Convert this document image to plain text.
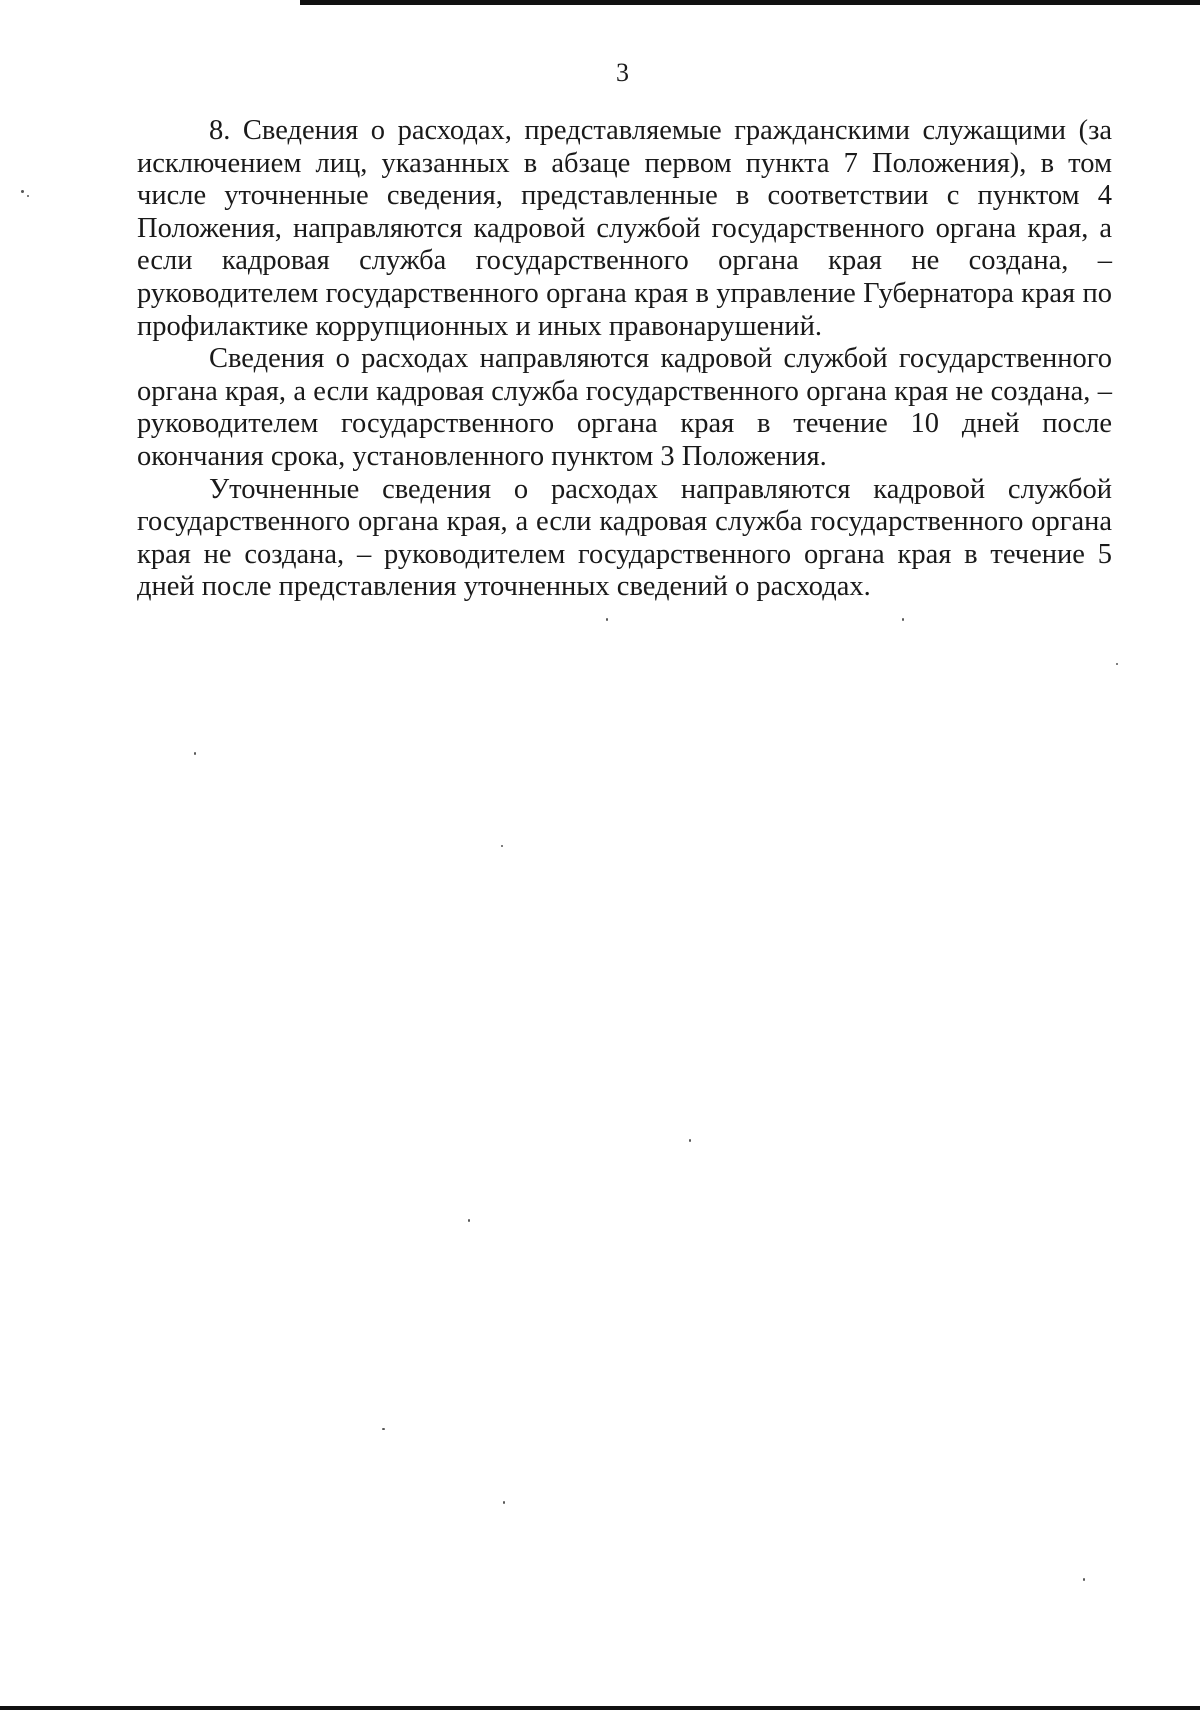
3

8. Сведения о расходах, представляемые гражданскими служащими (за исключением лиц, указанных в абзаце первом пункта 7 Положения), в том числе уточненные сведения, представленные в соответствии с пунктом 4 Положения, направляются кадровой службой государственного органа края, а если кадровая служба государственного органа края не создана, – руководителем государственного органа края в управление Губернатора края по профилактике коррупционных и иных правонарушений.

Сведения о расходах направляются кадровой службой государственного органа края, а если кадровая служба государственного органа края не создана, – руководителем государственного органа края в течение 10 дней после окончания срока, установленного пунктом 3 Положения.

Уточненные сведения о расходах направляются кадровой службой государственного органа края, а если кадровая служба государственного органа края не создана, – руководителем государственного органа края в течение 5 дней после представления уточненных сведений о расходах.
